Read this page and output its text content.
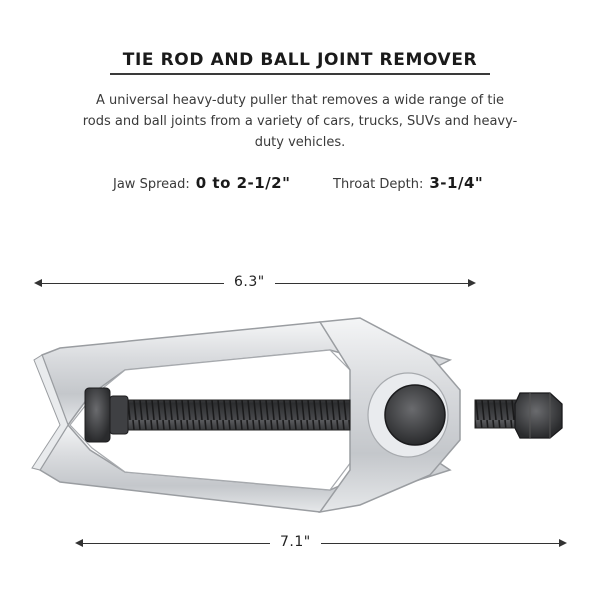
TIE ROD AND BALL JOINT REMOVER
A universal heavy-duty puller that removes a wide range of tie rods and ball joints from a variety of cars, trucks, SUVs and heavy-duty vehicles.
Jaw Spread: 0 to 2-1/2"	Throat Depth: 3-1/4"
6.3"
7.1"
